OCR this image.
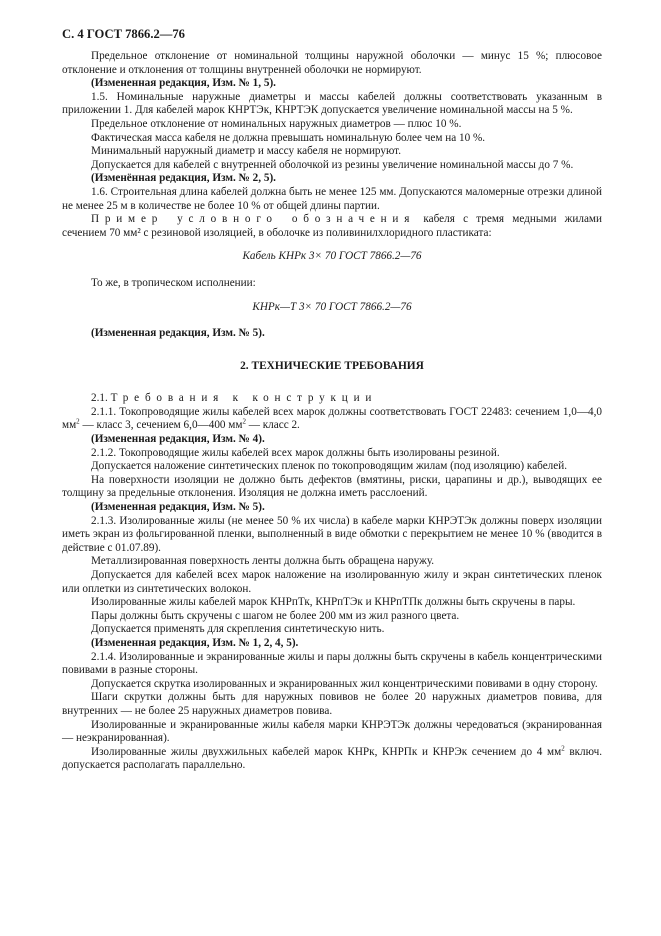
С. 4 ГОСТ 7866.2—76

Предельное отклонение от номинальной толщины наружной оболочки — минус 15 %; плюсовое отклонение и отклонения от толщины внутренней оболочки не нормируют.

(Измененная редакция, Изм. № 1, 5).

1.5. Номинальные наружные диаметры и массы кабелей должны соответствовать указанным в приложении 1. Для кабелей марок КНРТЭк, КНРТЭК допускается увеличение номинальной массы на 5 %.

Предельное отклонение от номинальных наружных диаметров — плюс 10 %.

Фактическая масса кабеля не должна превышать номинальную более чем на 10 %.

Минимальный наружный диаметр и массу кабеля не нормируют.

Допускается для кабелей с внутренней оболочкой из резины увеличение номинальной массы до 7 %.

(Изменённая редакция, Изм. № 2, 5).

1.6. Строительная длина кабелей должна быть не менее 125 мм. Допускаются маломерные отрезки длиной не менее 25 м в количестве не более 10 % от общей длины партии.

Пример условного обозначения кабеля с тремя медными жилами сечением 70 мм² с резиновой изоляцией, в оболочке из поливинилхлоридного пластиката:

Кабель КНРк 3× 70 ГОСТ 7866.2—76

То же, в тропическом исполнении:

КНРк—Т 3× 70 ГОСТ 7866.2—76

(Измененная редакция, Изм. № 5).

2. ТЕХНИЧЕСКИЕ ТРЕБОВАНИЯ

2.1. Требования к конструкции

2.1.1. Токопроводящие жилы кабелей всех марок должны соответствовать ГОСТ 22483: сечением 1,0—4,0 $мм^2$ — класс 3, сечением 6,0—400 $мм^2$ — класс 2.

(Измененная редакция, Изм. № 4).

2.1.2. Токопроводящие жилы кабелей всех марок должны быть изолированы резиной.

Допускается наложение синтетических пленок по токопроводящим жилам (под изоляцию) кабелей.

На поверхности изоляции не должно быть дефектов (вмятины, риски, царапины и др.), выводящих ее толщину за предельные отклонения. Изоляция не должна иметь расслоений.

(Измененная редакция, Изм. № 5).

2.1.3. Изолированные жилы (не менее 50 % их числа) в кабеле марки КНРЭТЭк должны поверх изоляции иметь экран из фольгированной пленки, выполненный в виде обмотки с перекрытием не менее 10 % (вводится в действие с 01.07.89).

Металлизированная поверхность ленты должна быть обращена наружу.

Допускается для кабелей всех марок наложение на изолированную жилу и экран синтетических пленок или оплетки из синтетических волокон.

Изолированные жилы кабелей марок КНРпТк, КНРпТЭк и КНРпТПк должны быть скручены в пары.

Пары должны быть скручены с шагом не более 200 мм из жил разного цвета.

Допускается применять для скрепления синтетическую нить.

(Измененная редакция, Изм. № 1, 2, 4, 5).

2.1.4. Изолированные и экранированные жилы и пары должны быть скручены в кабель концентрическими повивами в разные стороны.

Допускается скрутка изолированных и экранированных жил концентрическими повивами в одну сторону.

Шаги скрутки должны быть для наружных повивов не более 20 наружных диаметров повива, для внутренних — не более 25 наружных диаметров повива.

Изолированные и экранированные жилы кабеля марки КНРЭТЭк должны чередоваться (экранированная — неэкранированная).

Изолированные жилы двухжильных кабелей марок КНРк, КНРПк и КНРЭк сечением до 4 $мм^2$ включ. допускается располагать параллельно.
